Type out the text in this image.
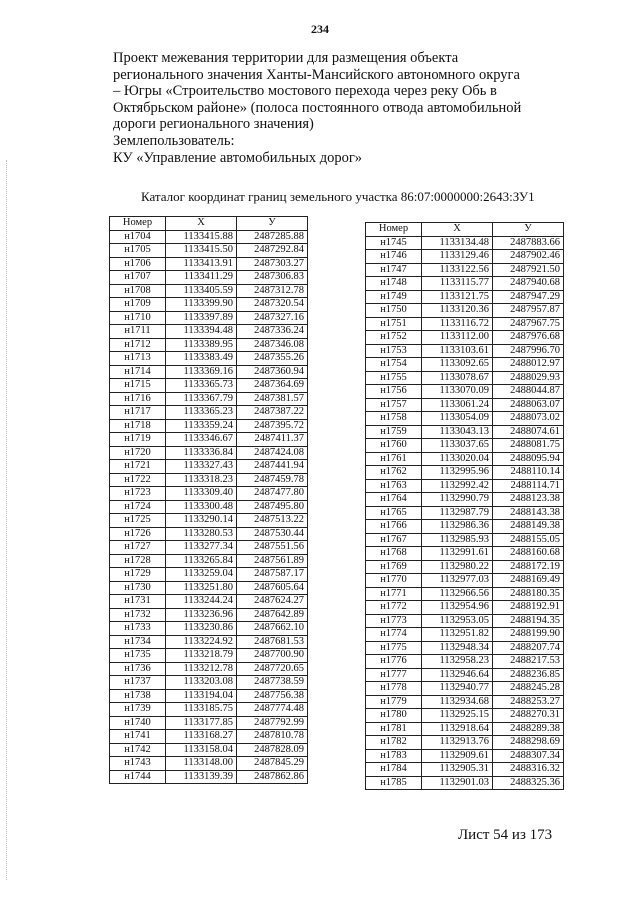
234
Проект межевания территории для размещения объекта
регионального значения Ханты-Мансийского автономного округа
– Югры «Строительство мостового перехода через реку Обь в
Октябрьском районе» (полоса постоянного отвода автомобильной
дороги регионального значения)
Землепользователь:
КУ «Управление автомобильных дорог»
Каталог координат границ земельного участка 86:07:0000000:2643:ЗУ1
Номер	X	У
н1704	1133415.88	2487285.88
н1705	1133415.50	2487292.84
н1706	1133413.91	2487303.27
н1707	1133411.29	2487306.83
н1708	1133405.59	2487312.78
н1709	1133399.90	2487320.54
н1710	1133397.89	2487327.16
н1711	1133394.48	2487336.24
н1712	1133389.95	2487346.08
н1713	1133383.49	2487355.26
н1714	1133369.16	2487360.94
н1715	1133365.73	2487364.69
н1716	1133367.79	2487381.57
н1717	1133365.23	2487387.22
н1718	1133359.24	2487395.72
н1719	1133346.67	2487411.37
н1720	1133336.84	2487424.08
н1721	1133327.43	2487441.94
н1722	1133318.23	2487459.78
н1723	1133309.40	2487477.80
н1724	1133300.48	2487495.80
н1725	1133290.14	2487513.22
н1726	1133280.53	2487530.44
н1727	1133277.34	2487551.56
н1728	1133265.84	2487561.89
н1729	1133259.04	2487587.17
н1730	1133251.80	2487605.64
н1731	1133244.24	2487624.27
н1732	1133236.96	2487642.89
н1733	1133230.86	2487662.10
н1734	1133224.92	2487681.53
н1735	1133218.79	2487700.90
н1736	1133212.78	2487720.65
н1737	1133203.08	2487738.59
н1738	1133194.04	2487756.38
н1739	1133185.75	2487774.48
н1740	1133177.85	2487792.99
н1741	1133168.27	2487810.78
н1742	1133158.04	2487828.09
н1743	1133148.00	2487845.29
н1744	1133139.39	2487862.86
Номер	X	У
н1745	1133134.48	2487883.66
н1746	1133129.46	2487902.46
н1747	1133122.56	2487921.50
н1748	1133115.77	2487940.68
н1749	1133121.75	2487947.29
н1750	1133120.36	2487957.87
н1751	1133116.72	2487967.75
н1752	1133112.00	2487976.68
н1753	1133103.61	2487996.70
н1754	1133092.65	2488012.97
н1755	1133078.67	2488029.93
н1756	1133070.09	2488044.87
н1757	1133061.24	2488063.07
н1758	1133054.09	2488073.02
н1759	1133043.13	2488074.61
н1760	1133037.65	2488081.75
н1761	1133020.04	2488095.94
н1762	1132995.96	2488110.14
н1763	1132992.42	2488114.71
н1764	1132990.79	2488123.38
н1765	1132987.79	2488143.38
н1766	1132986.36	2488149.38
н1767	1132985.93	2488155.05
н1768	1132991.61	2488160.68
н1769	1132980.22	2488172.19
н1770	1132977.03	2488169.49
н1771	1132966.56	2488180.35
н1772	1132954.96	2488192.91
н1773	1132953.05	2488194.35
н1774	1132951.82	2488199.90
н1775	1132948.34	2488207.74
н1776	1132958.23	2488217.53
н1777	1132946.64	2488236.85
н1778	1132940.77	2488245.28
н1779	1132934.68	2488253.27
н1780	1132925.15	2488270.31
н1781	1132918.64	2488289.38
н1782	1132913.76	2488298.69
н1783	1132909.61	2488307.34
н1784	1132905.31	2488316.32
н1785	1132901.03	2488325.36
Лист 54 из 173
